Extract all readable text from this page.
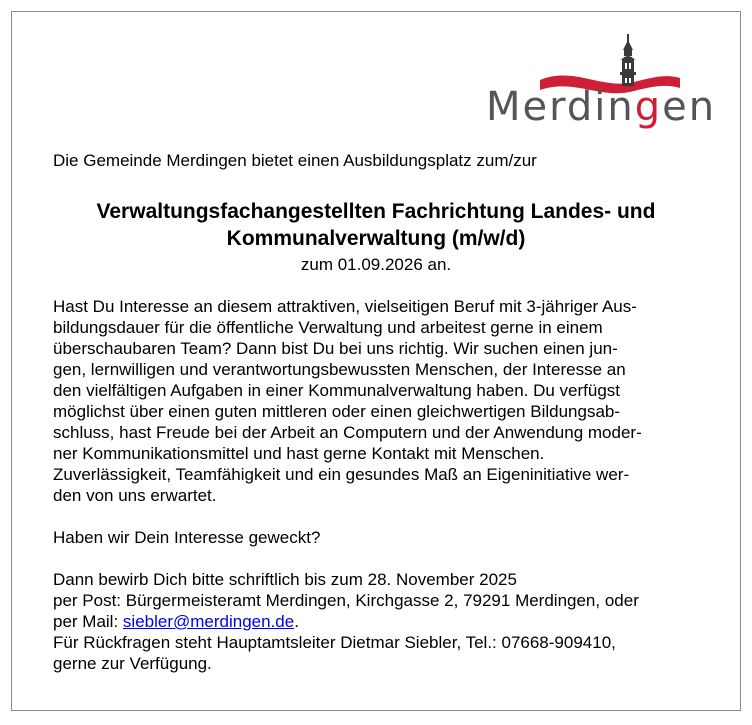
Merdingen
Die Gemeinde Merdingen bietet einen Ausbildungsplatz zum/zur
Verwaltungsfachangestellten Fachrichtung Landes- und
Kommunalverwaltung (m/w/d)
zum 01.09.2026 an.
Hast Du Interesse an diesem attraktiven, vielseitigen Beruf mit 3-jähriger Aus-
bildungsdauer für die öffentliche Verwaltung und arbeitest gerne in einem
überschaubaren Team? Dann bist Du bei uns richtig. Wir suchen einen jun-
gen, lernwilligen und verantwortungsbewussten Menschen, der Interesse an
den vielfältigen Aufgaben in einer Kommunalverwaltung haben. Du verfügst
möglichst über einen guten mittleren oder einen gleichwertigen Bildungsab-
schluss, hast Freude bei der Arbeit an Computern und der Anwendung moder-
ner Kommunikationsmittel und hast gerne Kontakt mit Menschen.
Zuverlässigkeit, Teamfähigkeit und ein gesundes Maß an Eigeninitiative wer-
den von uns erwartet.
Haben wir Dein Interesse geweckt?
Dann bewirb Dich bitte schriftlich bis zum 28. November 2025
per Post: Bürgermeisteramt Merdingen, Kirchgasse 2, 79291 Merdingen, oder
per Mail: siebler@merdingen.de.
Für Rückfragen steht Hauptamtsleiter Dietmar Siebler, Tel.: 07668-909410,
gerne zur Verfügung.
